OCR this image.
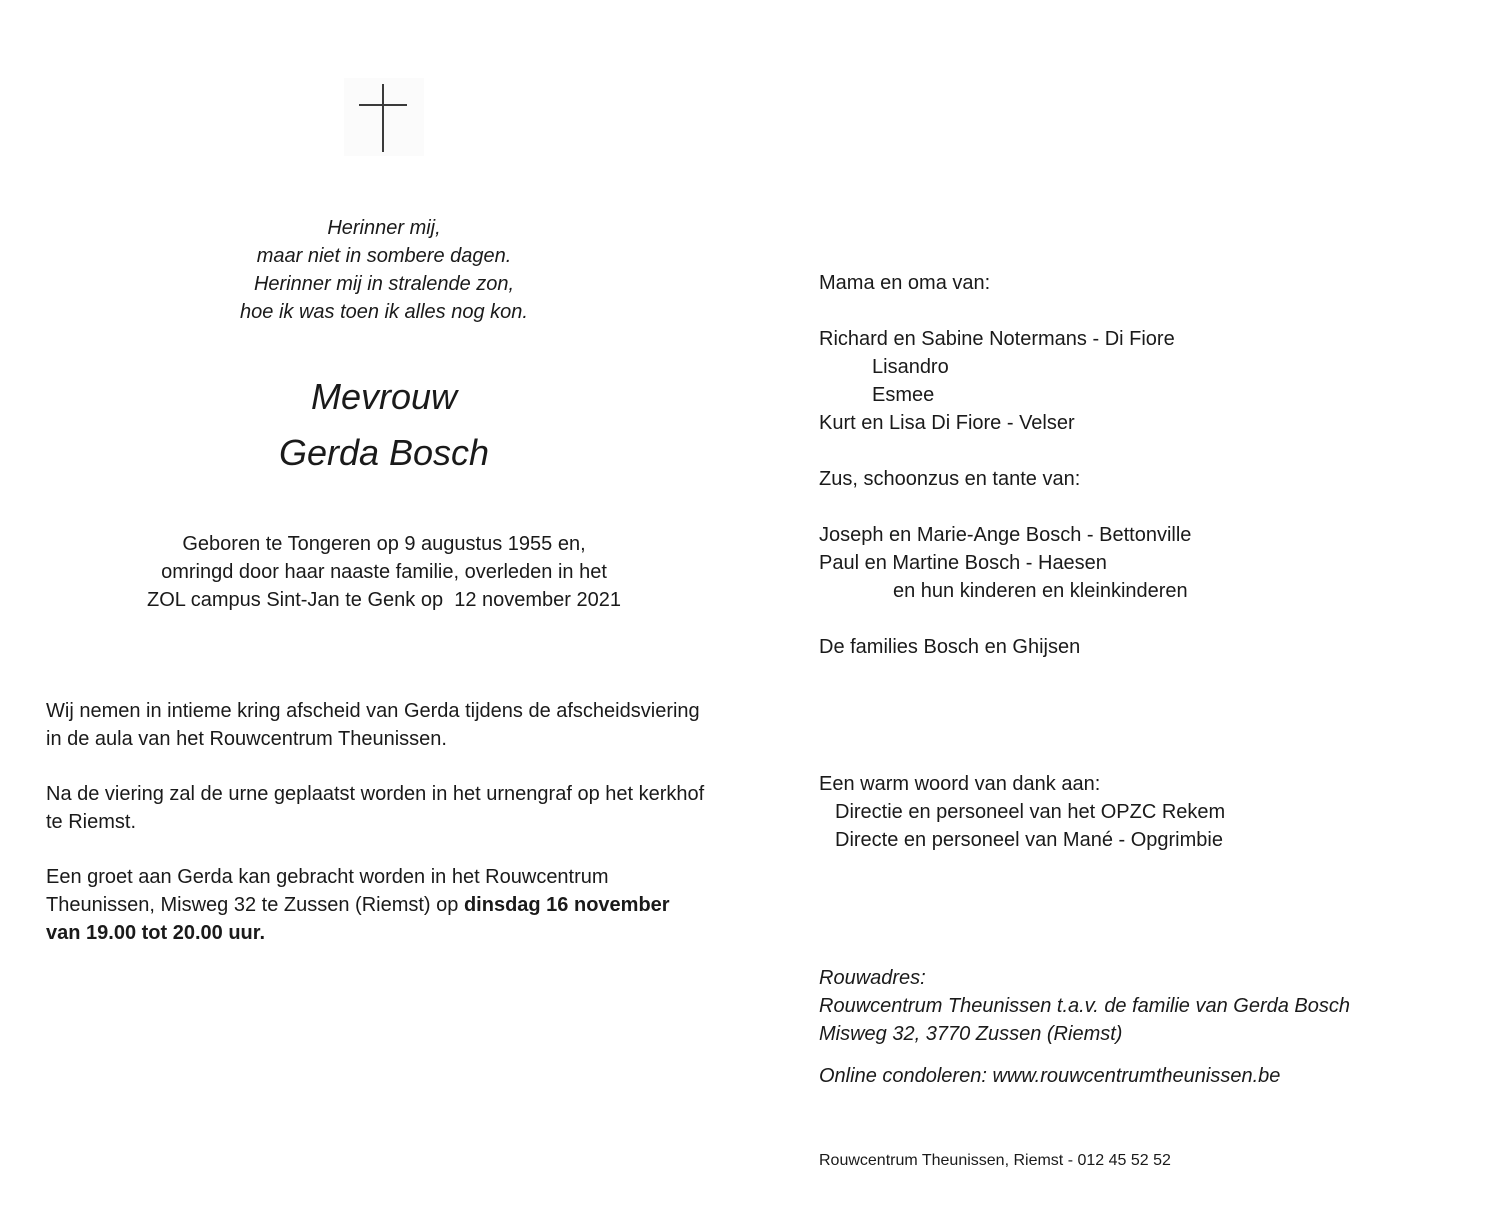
Herinner mij,
maar niet in sombere dagen.
Herinner mij in stralende zon,
hoe ik was toen ik alles nog kon.
Mevrouw
Gerda Bosch
Geboren te Tongeren op 9 augustus 1955 en,
omringd door haar naaste familie, overleden in het
ZOL campus Sint-Jan te Genk op  12 november 2021
Wij nemen in intieme kring afscheid van Gerda tijdens de afscheidsviering
in de aula van het Rouwcentrum Theunissen.
Na de viering zal de urne geplaatst worden in het urnengraf op het kerkhof
te Riemst.
Een groet aan Gerda kan gebracht worden in het Rouwcentrum
Theunissen, Misweg 32 te Zussen (Riemst) op dinsdag 16 november
van 19.00 tot 20.00 uur.
Mama en oma van:
Richard en Sabine Notermans - Di Fiore
Lisandro
Esmee
Kurt en Lisa Di Fiore - Velser
Zus, schoonzus en tante van:
Joseph en Marie-Ange Bosch - Bettonville
Paul en Martine Bosch - Haesen
en hun kinderen en kleinkinderen
De families Bosch en Ghijsen
Een warm woord van dank aan:
Directie en personeel van het OPZC Rekem
Directe en personeel van Mané - Opgrimbie
Rouwadres:
Rouwcentrum Theunissen t.a.v. de familie van Gerda Bosch
Misweg 32, 3770 Zussen (Riemst)
Online condoleren: www.rouwcentrumtheunissen.be
Rouwcentrum Theunissen, Riemst - 012 45 52 52
